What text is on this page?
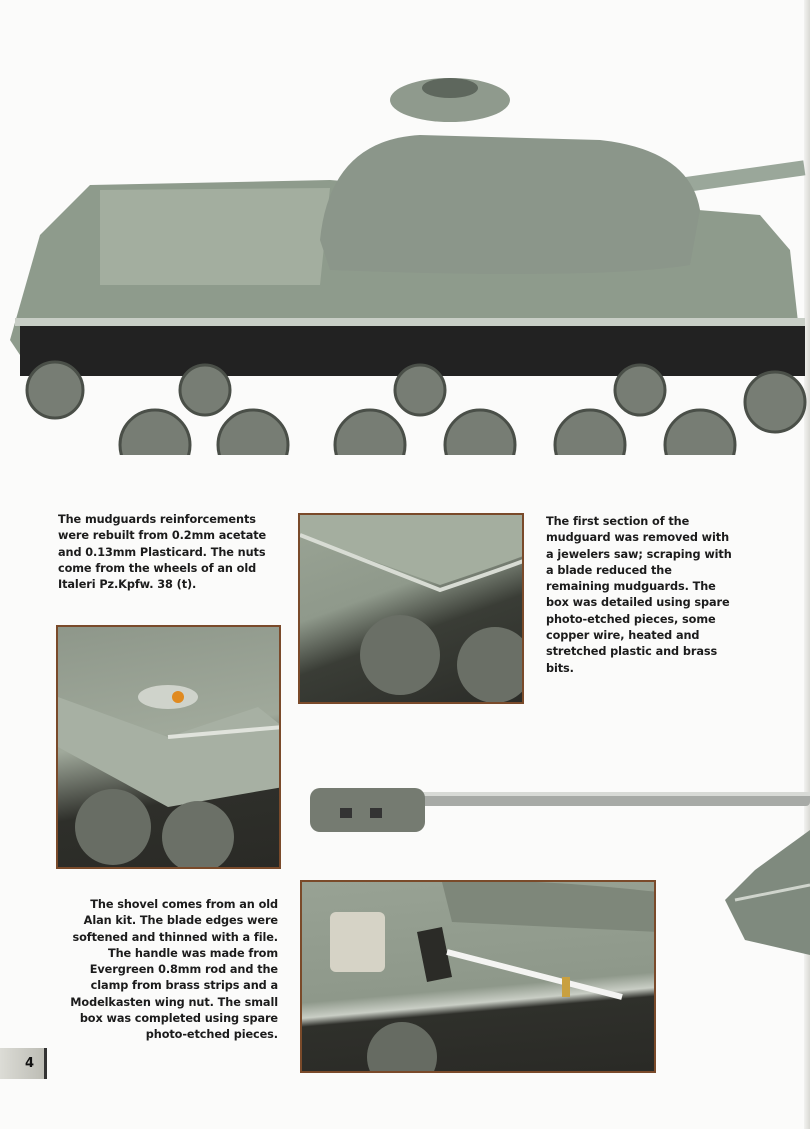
The mudguards reinforcements were rebuilt from 0.2mm acetate and 0.13mm Plasticard. The nuts come from the wheels of an old Italeri Pz.Kpfw. 38 (t).
The first section of the mudguard was removed with a jewelers saw; scraping with a blade reduced the remaining mudguards. The box was detailed using spare photo-etched pieces, some copper wire, heated and stretched plastic and brass bits.
The shovel comes from an old Alan kit. The blade edges were softened and thinned with a file. The handle was made from Evergreen 0.8mm rod and the clamp from brass strips and a Modelkasten wing nut. The small box was completed using spare photo-etched pieces.
4
